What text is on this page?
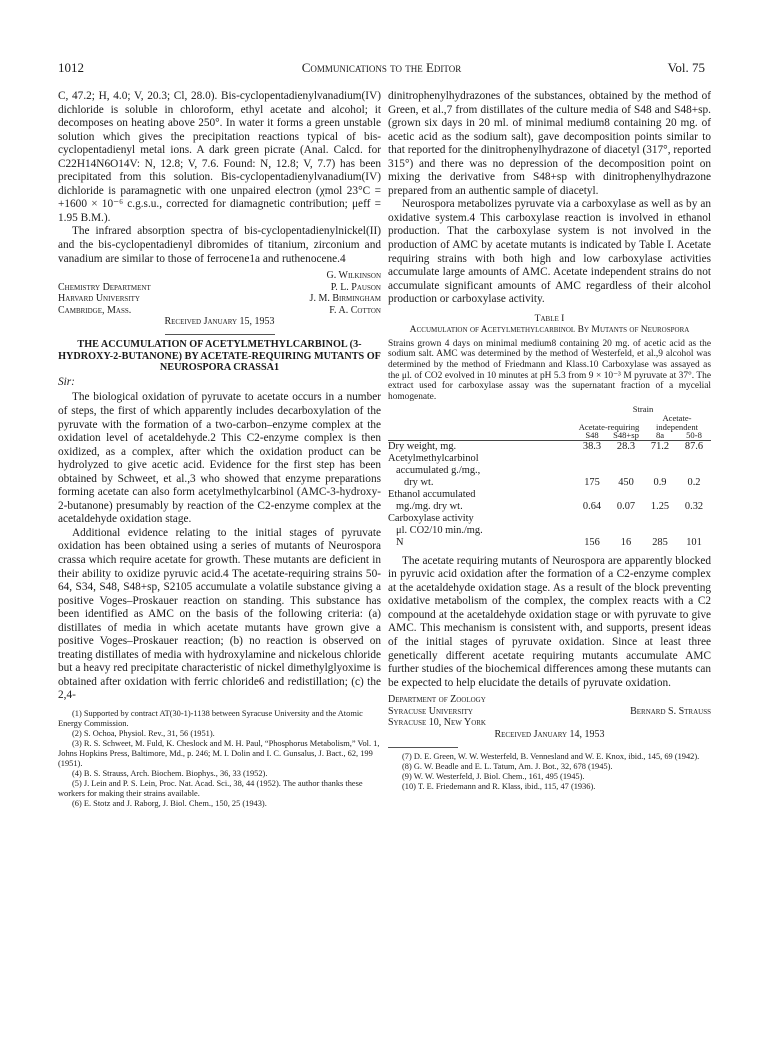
1012	Communications to the Editor	Vol. 75

C, 47.2; H, 4.0; V, 20.3; Cl, 28.0). Bis-cyclopentadienylvanadium(IV) dichloride is soluble in chloroform, ethyl acetate and alcohol; it decomposes on heating above 250°. In water it forms a green unstable solution which gives the precipitation reactions typical of bis-cyclopentadienyl metal ions. A dark green picrate (Anal. Calcd. for C22H14N6O14V: N, 12.8; V, 7.6. Found: N, 12.8; V, 7.7) has been precipitated from this solution. Bis-cyclopentadienylvanadium(IV) dichloride is paramagnetic with one unpaired electron (χmol 23°C = +1600 × 10⁻⁶ c.g.s.u., corrected for diamagnetic contribution; μeff = 1.95 B.M.).

The infrared absorption spectra of bis-cyclopentadienylnickel(II) and the bis-cyclopentadienyl dibromides of titanium, zirconium and vanadium are similar to those of ferrocene1a and ruthenocene.4

G. Wilkinson
Chemistry Department	P. L. Pauson
Harvard University	J. M. Birmingham
Cambridge, Mass.	F. A. Cotton
Received January 15, 1953
THE ACCUMULATION OF ACETYLMETHYLCARBINOL (3-HYDROXY-2-BUTANONE) BY ACETATE-REQUIRING MUTANTS OF NEUROSPORA CRASSA1
Sir:

The biological oxidation of pyruvate to acetate occurs in a number of steps, the first of which apparently includes decarboxylation of the pyruvate with the formation of a two-carbon–enzyme complex at the oxidation level of acetaldehyde.2 This C2-enzyme complex is then oxidized, as a complex, after which the oxidation product can be hydrolyzed to give acetic acid. Evidence for the first step has been obtained by Schweet, et al.,3 who showed that enzyme preparations forming acetate can also form acetylmethylcarbinol (AMC-3-hydroxy-2-butanone) presumably by reaction of the C2-enzyme complex at the acetaldehyde oxidation stage.

Additional evidence relating to the initial stages of pyruvate oxidation has been obtained using a series of mutants of Neurospora crassa which require acetate for growth. These mutants are deficient in their ability to oxidize pyruvic acid.4 The acetate-requiring strains 50-64, S34, S48, S48+sp, S2105 accumulate a volatile substance giving a positive Voges–Proskauer reaction on standing. This substance has been identified as AMC on the basis of the following criteria: (a) distillates of media in which acetate mutants have grown give a positive Voges–Proskauer reaction; (b) no reaction is observed on treating distillates of media with hydroxylamine and nickelous chloride but a heavy red precipitate characteristic of nickel dimethylglyoxime is obtained after oxidation with ferric chloride6 and redistillation; (c) the 2,4-

(1) Supported by contract AT(30-1)-1138 between Syracuse University and the Atomic Energy Commission.

(2) S. Ochoa, Physiol. Rev., 31, 56 (1951).

(3) R. S. Schweet, M. Fuld, K. Cheslock and M. H. Paul, “Phosphorus Metabolism,” Vol. 1, Johns Hopkins Press, Baltimore, Md., p. 246; M. I. Dolin and I. C. Gunsalus, J. Bact., 62, 199 (1951).

(4) B. S. Strauss, Arch. Biochem. Biophys., 36, 33 (1952).

(5) J. Lein and P. S. Lein, Proc. Nat. Acad. Sci., 38, 44 (1952). The author thanks these workers for making their strains available.

(6) E. Stotz and J. Raborg, J. Biol. Chem., 150, 25 (1943).

dinitrophenylhydrazones of the substances, obtained by the method of Green, et al.,7 from distillates of the culture media of S48 and S48+sp. (grown six days in 20 ml. of minimal medium8 containing 20 mg. of acetic acid as the sodium salt), gave decomposition points similar to that reported for the dinitrophenylhydrazone of diacetyl (317°, reported 315°) and there was no depression of the decomposition point on mixing the derivative from S48+sp with dinitrophenylhydrazone prepared from an authentic sample of diacetyl.

Neurospora metabolizes pyruvate via a carboxylase as well as by an oxidative system.4 This carboxylase reaction is involved in ethanol production. That the carboxylase system is not involved in the production of AMC by acetate mutants is indicated by Table I. Acetate requiring strains with both high and low carboxylase activities accumulate large amounts of AMC. Acetate independent strains do not accumulate significant amounts of AMC regardless of their alcohol production or carboxylase activity.

Table I
Accumulation of Acetylmethylcarbinol By Mutants of Neurospora
Strains grown 4 days on minimal medium8 containing 20 mg. of acetic acid as the sodium salt. AMC was determined by the method of Westerfeld, et al.,9 alcohol was determined by the method of Friedmann and Klass.10 Carboxylase was assayed as the μl. of CO2 evolved in 10 minutes at pH 5.3 from 9 × 10⁻³ M pyruvate at 37°. The extract used for carboxylase assay was the supernatant fraction of a mycelial homogenate.
	Strain			
	Acetate-requiring		Acetate-independent	
	S48	S48+sp	8a	50-8
Dry weight, mg.	38.3	28.3	71.2	87.6
Acetylmethylcarbinol				
accumulated g./mg.,				
dry wt.	175	450	0.9	0.2
Ethanol accumulated				
mg./mg. dry wt.	0.64	0.07	1.25	0.32
Carboxylase activity				
μl. CO2/10 min./mg.				
N	156	16	285	101

The acetate requiring mutants of Neurospora are apparently blocked in pyruvic acid oxidation after the formation of a C2-enzyme complex at the acetaldehyde oxidation stage. As a result of the block preventing oxidative metabolism of the complex, the complex reacts with a C2 compound at the acetaldehyde oxidation stage or with pyruvate to give AMC. This mechanism is consistent with, and supports, present ideas of the initial stages of pyruvate oxidation. Since at least three genetically different acetate requiring mutants accumulate AMC further studies of the biochemical differences among these mutants can be expected to help elucidate the details of pyruvate oxidation.

Department of Zoology
Syracuse University	Bernard S. Strauss
Syracuse 10, New York
Received January 14, 1953

(7) D. E. Green, W. W. Westerfeld, B. Vennesland and W. E. Knox, ibid., 145, 69 (1942).

(8) G. W. Beadle and E. L. Tatum, Am. J. Bot., 32, 678 (1945).

(9) W. W. Westerfeld, J. Biol. Chem., 161, 495 (1945).

(10) T. E. Friedemann and R. Klass, ibid., 115, 47 (1936).
